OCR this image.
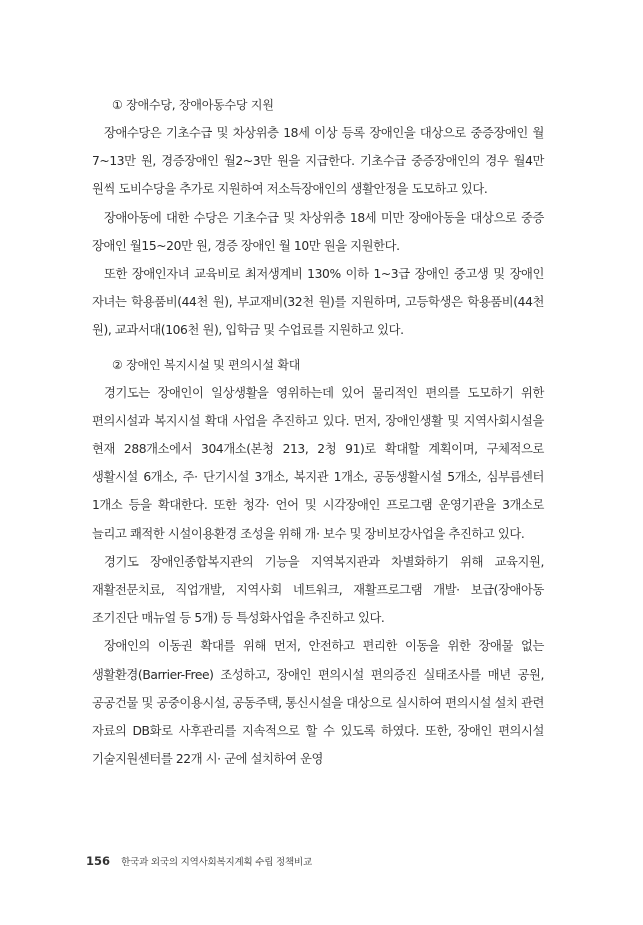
① 장애수당, 장애아동수당 지원

장애수당은 기초수급 및 차상위층 18세 이상 등록 장애인을 대상으로 중증장애인 월 7~13만 원, 경증장애인 월2~3만 원을 지급한다. 기초수급 중증장애인의 경우 월4만 원씩 도비수당을 추가로 지원하여 저소득장애인의 생활안정을 도모하고 있다.

장애아동에 대한 수당은 기초수급 및 차상위층 18세 미만 장애아동을 대상으로 중증 장애인 월15~20만 원, 경증 장애인 월 10만 원을 지원한다.

또한 장애인자녀 교육비로 최저생계비 130% 이하 1~3급 장애인 중고생 및 장애인 자녀는 학용품비(44천 원), 부교재비(32천 원)를 지원하며, 고등학생은 학용품비(44천 원), 교과서대(106천 원), 입학금 및 수업료를 지원하고 있다.

② 장애인 복지시설 및 편의시설 확대

경기도는 장애인이 일상생활을 영위하는데 있어 물리적인 편의를 도모하기 위한 편의시설과 복지시설 확대 사업을 추진하고 있다. 먼저, 장애인생활 및 지역사회시설을 현재 288개소에서 304개소(본청 213, 2청 91)로 확대할 계획이며, 구체적으로 생활시설 6개소, 주· 단기시설 3개소, 복지관 1개소, 공동생활시설 5개소, 심부름센터 1개소 등을 확대한다. 또한 청각· 언어 및 시각장애인 프로그램 운영기관을 3개소로 늘리고 쾌적한 시설이용환경 조성을 위해 개· 보수 및 장비보강사업을 추진하고 있다.

경기도 장애인종합복지관의 기능을 지역복지관과 차별화하기 위해 교육지원, 재활전문치료, 직업개발, 지역사회 네트워크, 재활프로그램 개발· 보급(장애아동 조기진단 매뉴얼 등 5개) 등 특성화사업을 추진하고 있다.

장애인의 이동권 확대를 위해 먼저, 안전하고 편리한 이동을 위한 장애물 없는 생활환경(Barrier-Free) 조성하고, 장애인 편의시설 편의증진 실태조사를 매년 공원, 공공건물 및 공중이용시설, 공동주택, 통신시설을 대상으로 실시하여 편의시설 설치 관련 자료의 DB화로 사후관리를 지속적으로 할 수 있도록 하였다. 또한, 장애인 편의시설 기술지원센터를 22개 시· 군에 설치하여 운영

156 한국과 외국의 지역사회복지계획 수립 정책비교
